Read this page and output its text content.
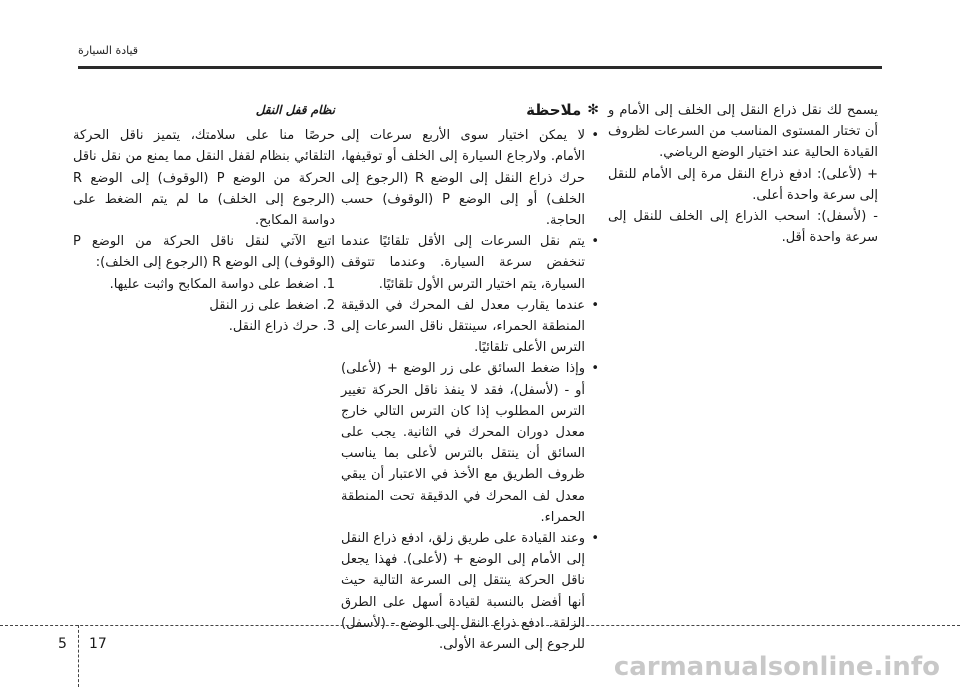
قيادة السيارة

يسمح لك نقل ذراع النقل إلى الخلف إلى الأمام و أن تختار المستوى المناسب من السرعات لظروف القيادة الحالية عند اختيار الوضع الرياضي.

+ (لأعلى): ادفع ذراع النقل مرة إلى الأمام للنقل إلى سرعة واحدة أعلى.

- (لأسفل): اسحب الذراع إلى الخلف للنقل إلى سرعة واحدة أقل.

✻
ملاحظة
• لا يمكن اختيار سوى الأربع سرعات إلى الأمام. ولارجاع السيارة إلى الخلف أو توقيفها، حرك ذراع النقل إلى الوضع R (الرجوع إلى الخلف) أو إلى الوضع P (الوقوف) حسب الحاجة.
• يتم نقل السرعات إلى الأقل تلقائيًا عندما تنخفض سرعة السيارة. وعندما تتوقف السيارة، يتم اختيار الترس الأول تلقائيًا.
• عندما يقارب معدل لف المحرك في الدقيقة المنطقة الحمراء، سينتقل ناقل السرعات إلى الترس الأعلى تلقائيًا.
• وإذا ضغط السائق على زر الوضع + (لأعلى) أو - (لأسفل)، فقد لا ينفذ ناقل الحركة تغيير الترس المطلوب إذا كان الترس التالي خارج معدل دوران المحرك في الثانية. يجب على السائق أن ينتقل بالترس لأعلى بما يناسب ظروف الطريق مع الأخذ في الاعتبار أن يبقي معدل لف المحرك في الدقيقة تحت المنطقة الحمراء.
• وعند القيادة على طريق زلق، ادفع ذراع النقل إلى الأمام إلى الوضع + (لأعلى). فهذا يجعل ناقل الحركة ينتقل إلى السرعة التالية حيث أنها أفضل بالنسبة لقيادة أسهل على الطرق الزلقة. ادفع ذراع النقل إلى الوضع - (لأسفل) للرجوع إلى السرعة الأولى.
نظام قفل النقل

حرصًا منا على سلامتك، يتميز ناقل الحركة التلقائي بنظام لقفل النقل مما يمنع من نقل ناقل الحركة من الوضع P (الوقوف) إلى الوضع R (الرجوع إلى الخلف) ما لم يتم الضغط على دواسة المكابح.

اتبع الآتي لنقل ناقل الحركة من الوضع P (الوقوف) إلى الوضع R (الرجوع إلى الخلف):

1. اضغط على دواسة المكابح واثبت عليها.
2. اضغط على زر النقل
3. حرك ذراع النقل.
5 17
carmanualsonline.info
